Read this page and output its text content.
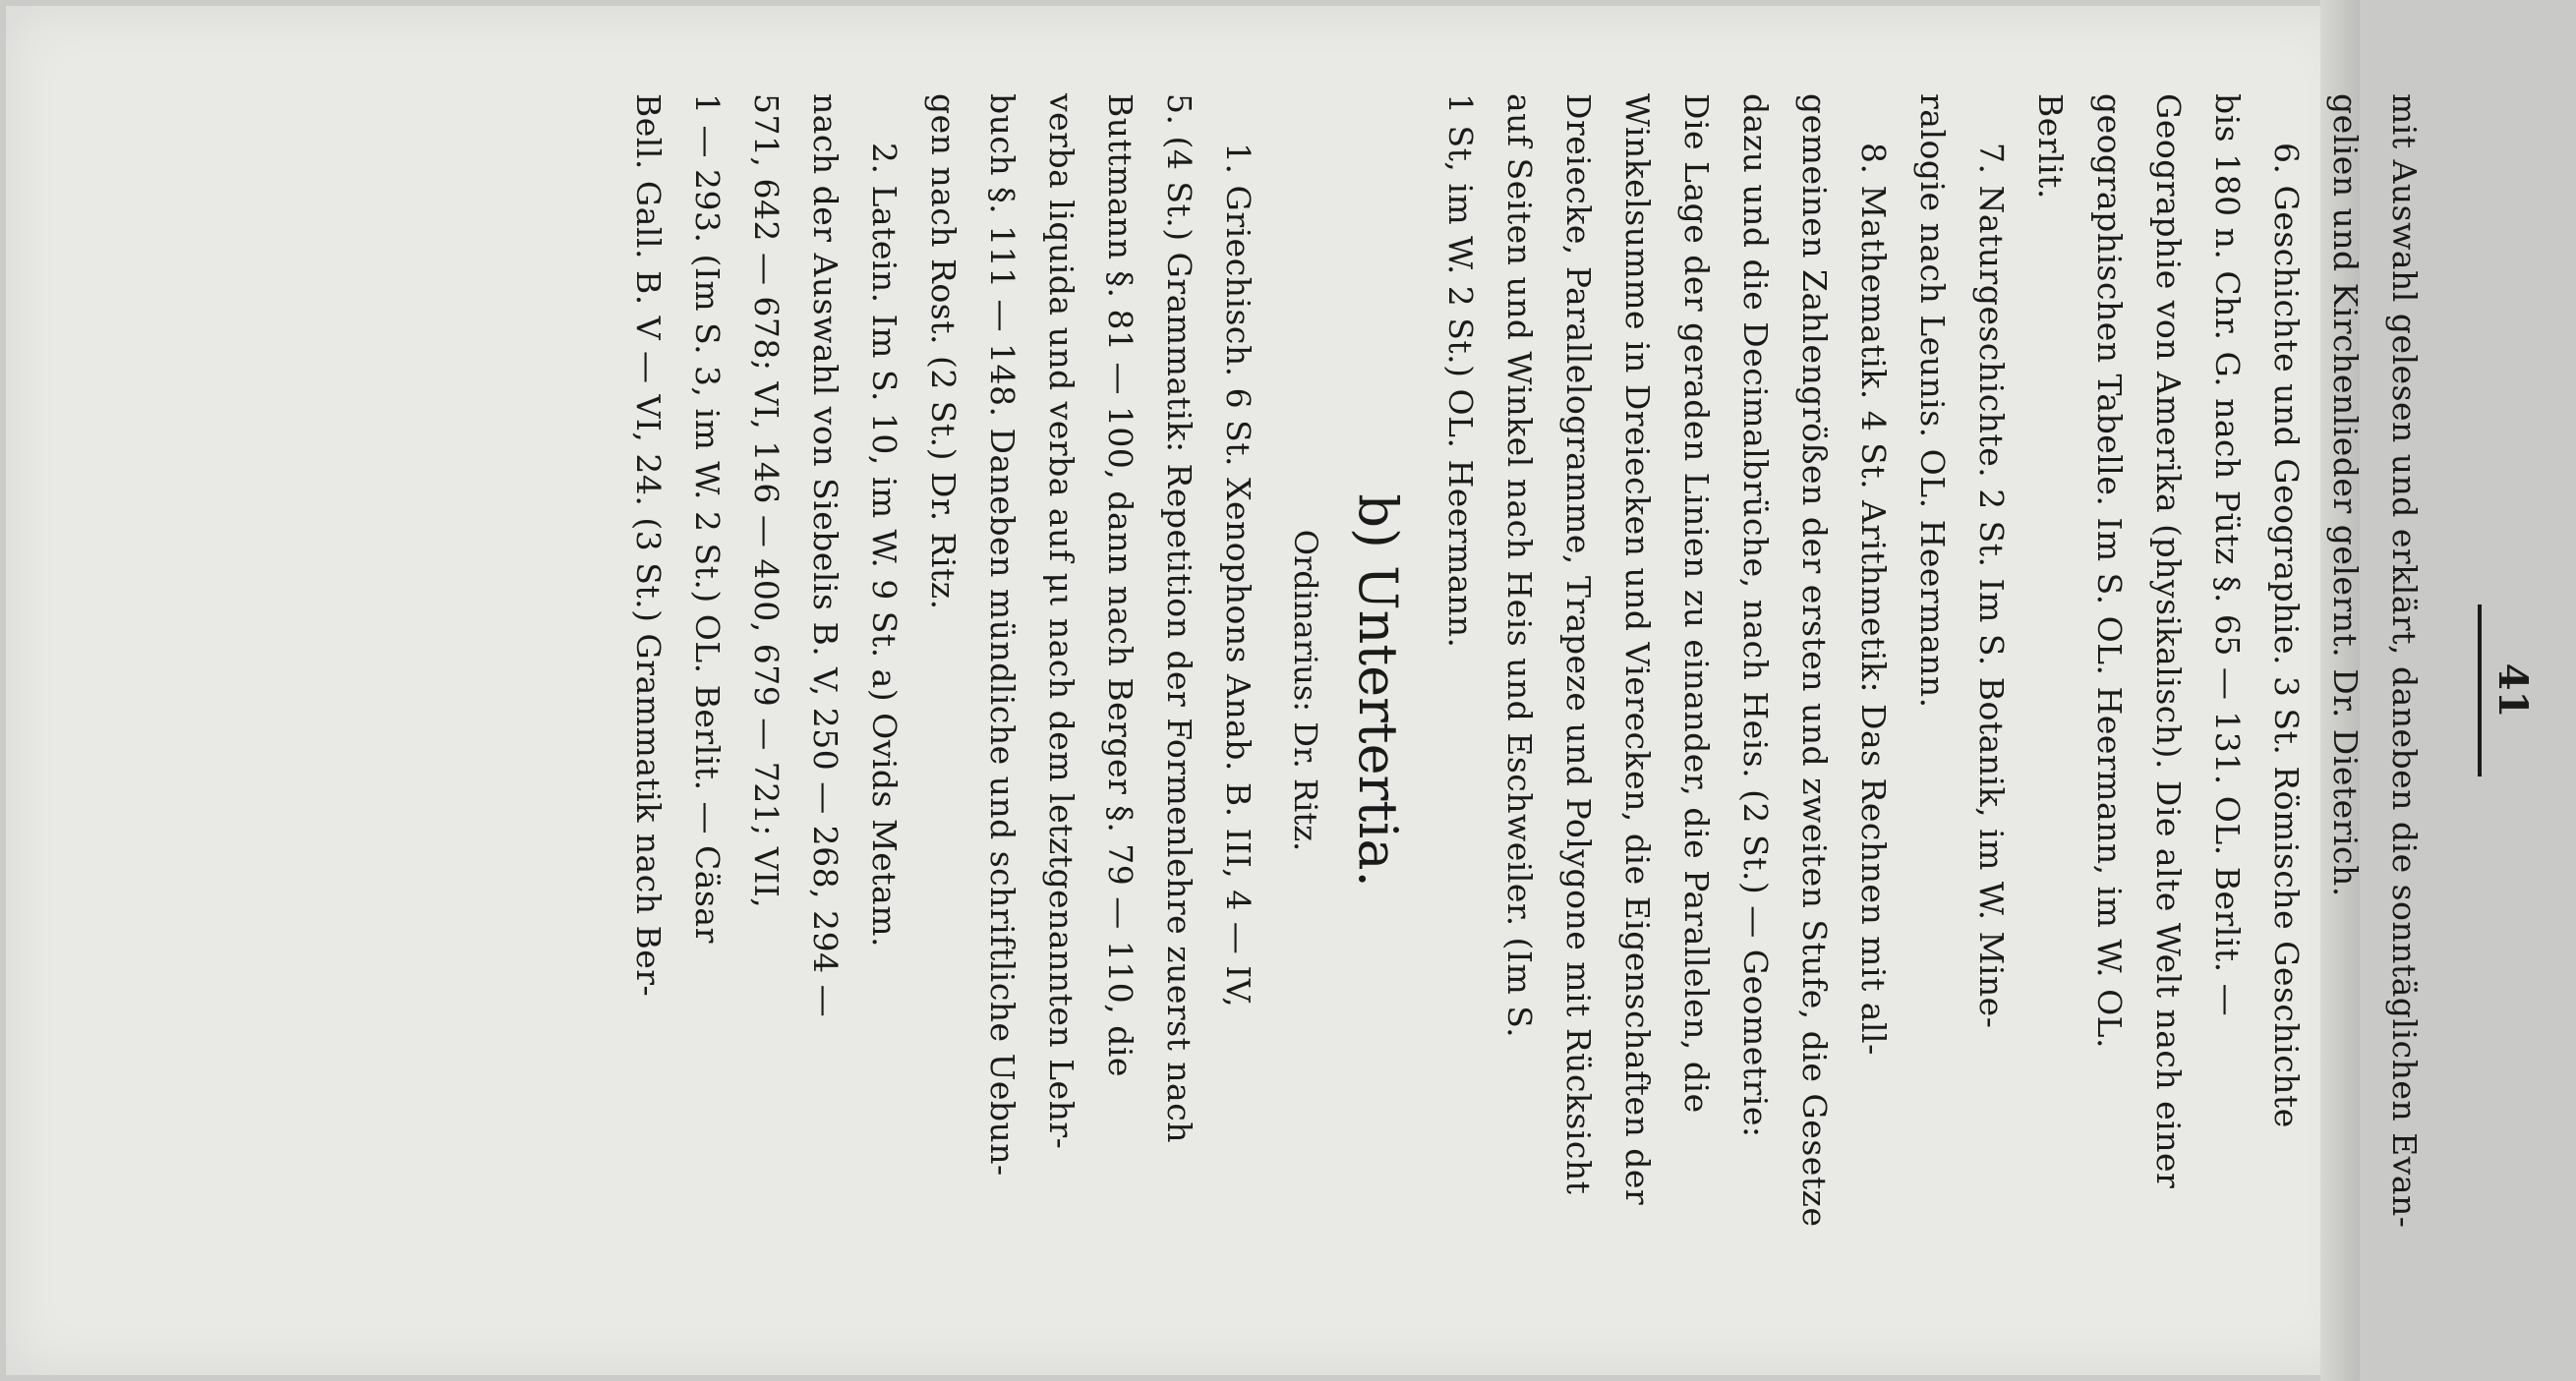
41
mit Auswahl gelesen und erklärt, daneben die sonntäglichen Evan-
gelien und Kirchenlieder gelernt. Dr. Dieterich.
6. Geschichte und Geographie. 3 St. Römische Geschichte
bis 180 n. Chr. G. nach Pütz §. 65 — 131. OL. Berlit. —
Geographie von Amerika (physikalisch). Die alte Welt nach einer
geographischen Tabelle. Im S. OL. Heermann, im W. OL.
Berlit.
7. Naturgeschichte. 2 St. Im S. Botanik, im W. Mine-
ralogie nach Leunis. OL. Heermann.
8. Mathematik. 4 St. Arithmetik: Das Rechnen mit all-
gemeinen Zahlengrößen der ersten und zweiten Stufe, die Gesetze
dazu und die Decimalbrüche, nach Heis. (2 St.) — Geometrie:
Die Lage der geraden Linien zu einander, die Parallelen, die
Winkelsumme in Dreiecken und Vierecken, die Eigenschaften der
Dreiecke, Parallelogramme, Trapeze und Polygone mit Rücksicht
auf Seiten und Winkel nach Heis und Eschweiler. (Im S.
1 St, im W. 2 St.) OL. Heermann.
b) Untertertia.
Ordinarius: Dr. Ritz.
1. Griechisch. 6 St. Xenophons Anab. B. III, 4 — IV,
5. (4 St.) Grammatik: Repetition der Formenlehre zuerst nach
Buttmann §. 81 — 100, dann nach Berger §. 79 — 110, die
verba liquida und verba auf μι nach dem letztgenannten Lehr-
buch §. 111 — 148. Daneben mündliche und schriftliche Uebun-
gen nach Rost. (2 St.) Dr. Ritz.
2. Latein. Im S. 10, im W. 9 St. a) Ovids Metam.
nach der Auswahl von Siebelis B. V, 250 — 268, 294 —
571, 642 — 678; VI, 146 — 400, 679 — 721; VII,
1 — 293. (Im S. 3, im W. 2 St.) OL. Berlit. — Cäsar
Bell. Gall. B. V — VI, 24. (3 St.) Grammatik nach Ber-
